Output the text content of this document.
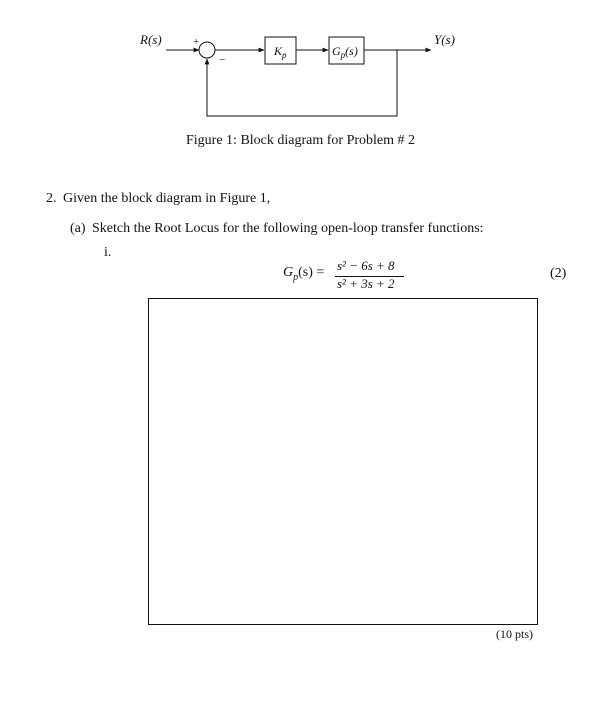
R(s)	Y(s)
+
−
$K_p$	$G_p(s)$
Figure 1: Block diagram for Problem # 2
2. Given the block diagram in Figure 1,
(a) Sketch the Root Locus for the following open-loop transfer functions:
i.
$G_p(s) = s^2 - 6s + 8$
s² + 3s + 2
(2)
(10 pts)
